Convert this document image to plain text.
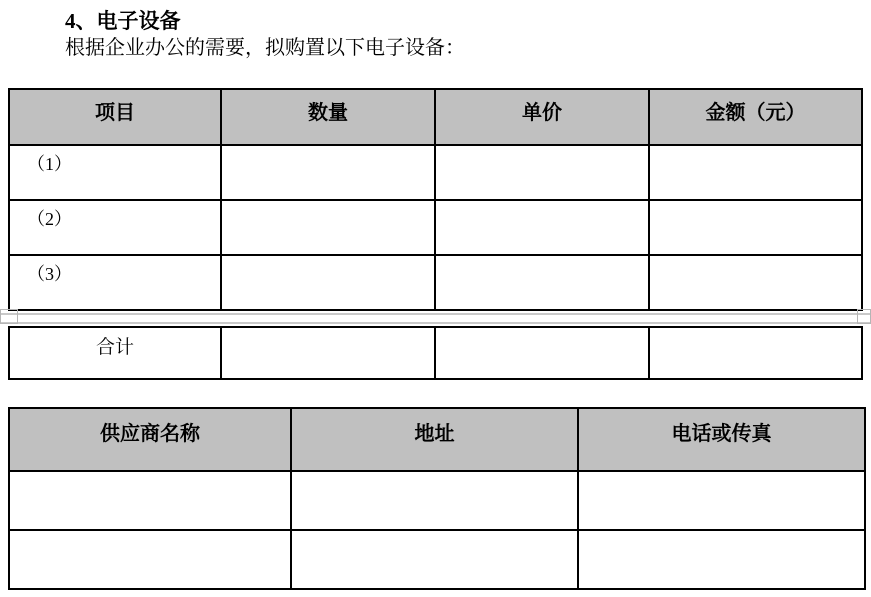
4、电子设备
根据企业办公的需要，拟购置以下电子设备：
项目	数量	单价	金额（元）
（1）			
（2）			
（3）			
合计			
供应商名称	地址	电话或传真
